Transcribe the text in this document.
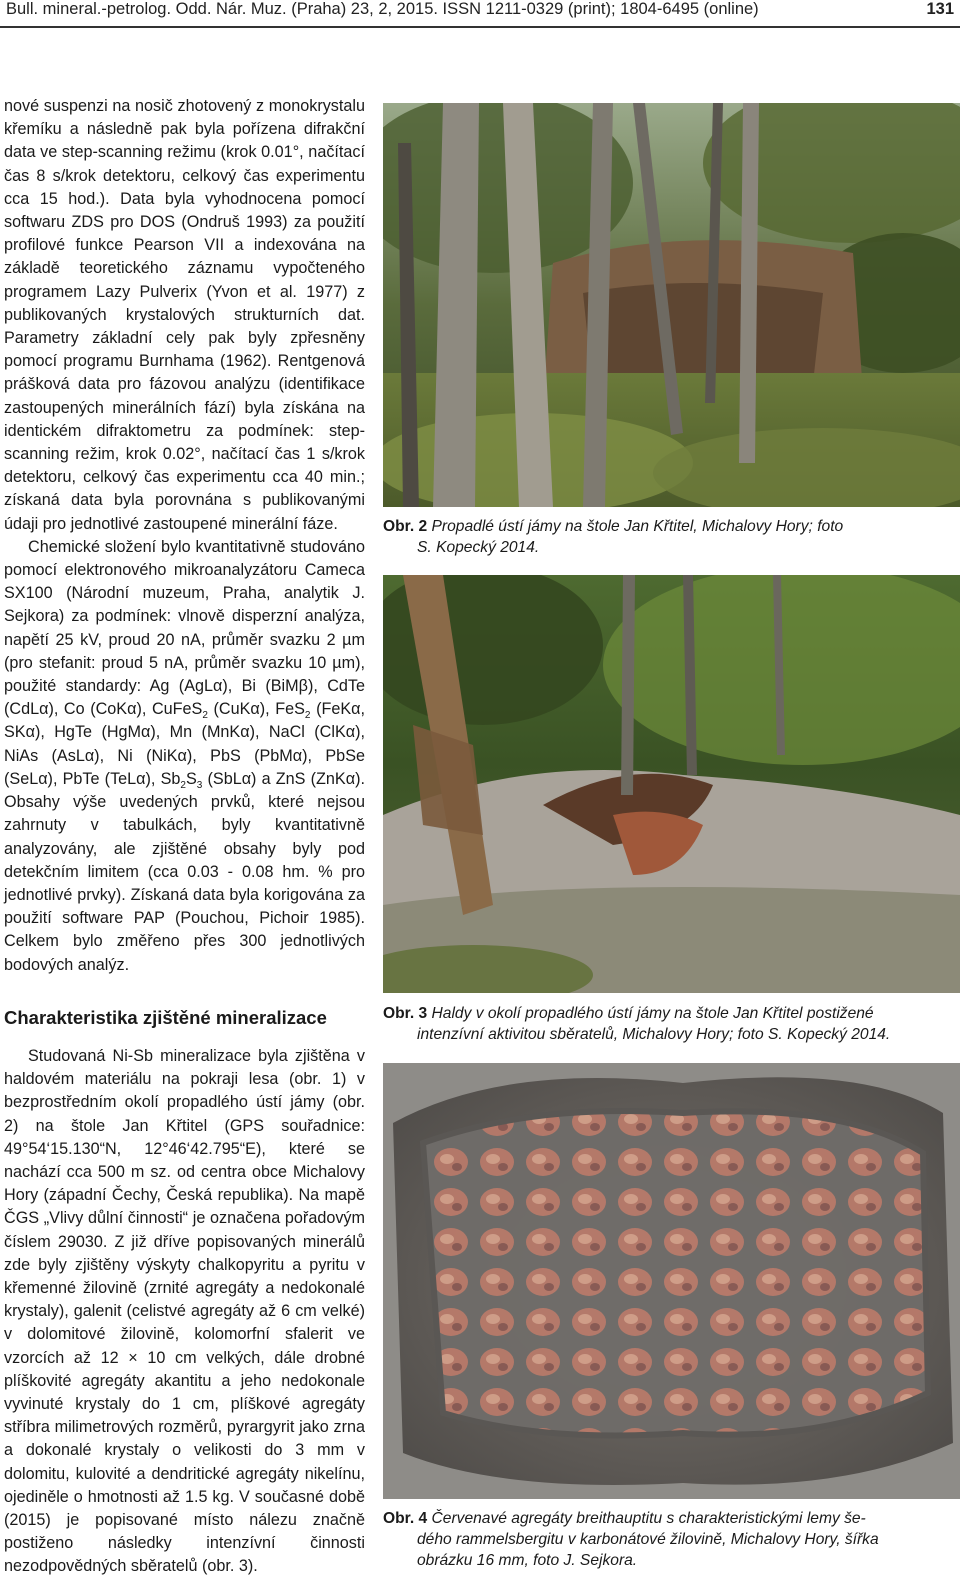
Bull. mineral.-petrolog. Odd. Nár. Muz. (Praha) 23, 2, 2015. ISSN 1211-0329 (print); 1804-6495 (online)	131

nové suspenzi na nosič zhotovený z monokrystalu křemíku a následně pak byla pořízena difrakční data ve step-scanning režimu (krok 0.01°, načítací čas 8 s/krok detektoru, celkový čas experimentu cca 15 hod.). Data byla vyhodnocena pomocí softwaru ZDS pro DOS (Ondruš 1993) za použití profilové funkce Pearson VII a indexována na základě teoretického záznamu vypočteného programem Lazy Pulverix (Yvon et al. 1977) z publikovaných krystalových strukturních dat. Parametry základní cely pak byly zpřesněny pomocí programu Burnhama (1962). Rentgenová prášková data pro fázovou analýzu (identifikace zastoupených minerálních fází) byla získána na identickém difraktometru za podmínek: step-scanning režim, krok 0.02°, načítací čas 1 s/krok detektoru, celkový čas experimentu cca 40 min.; získaná data byla porovnána s publikovanými údaji pro jednotlivé zastoupené minerální fáze.

Chemické složení bylo kvantitativně studováno pomocí elektronového mikroanalyzátoru Cameca SX100 (Národní muzeum, Praha, analytik J. Sejkora) za podmínek: vlnově disperzní analýza, napětí 25 kV, proud 20 nA, průměr svazku 2 µm (pro stefanit: proud 5 nA, průměr svazku 10 µm), použité standardy: Ag (AgLα), Bi (BiMβ), CdTe (CdLα), Co (CoKα), CuFeS$_2$ (CuKα), FeS$_2$ (FeKα, SKα), HgTe (HgMα), Mn (MnKα), NaCl (ClKα), NiAs (AsLα), Ni (NiKα), PbS (PbMα), PbSe (SeLα), PbTe (TeLα), $Sb_2S_3$ (SbLα) a ZnS (ZnKα). Obsahy výše uvedených prvků, které nejsou zahrnuty v tabulkách, byly kvantitativně analyzovány, ale zjištěné obsahy byly pod detekčním limitem (cca 0.03 - 0.08 hm. % pro jednotlivé prvky). Získaná data byla korigována za použití software PAP (Pouchou, Pichoir 1985). Celkem bylo změřeno přes 300 jednotlivých bodových analýz.

Charakteristika zjištěné mineralizace

Studovaná Ni-Sb mineralizace byla zjištěna v haldovém materiálu na pokraji lesa (obr. 1) v bezprostředním okolí propadlého ústí jámy (obr. 2) na štole Jan Křtitel (GPS souřadnice: 49°54‘15.130“N, 12°46‘42.795“E), které se nachází cca 500 m sz. od centra obce Michalovy Hory (západní Čechy, Česká republika). Na mapě ČGS „Vlivy důlní činnosti“ je označena pořadovým číslem 29030. Z již dříve popisovaných minerálů zde byly zjištěny výskyty chalkopyritu a pyritu v křemenné žilovině (zrnité agregáty a nedokonalé krystaly), galenit (celistvé agregáty až 6 cm velké) v dolomitové žilovině, kolomorfní sfalerit ve vzorcích až 12 × 10 cm velkých, dále drobné plíškovité agregáty akantitu a jeho nedokonale vyvinuté krystaly do 1 cm, plíškové agregáty stříbra milimetrových rozměrů, pyrargyrit jako zrna a dokonalé krystaly o velikosti do 3 mm v dolomitu, kulovité a dendritické agregáty nikelínu, ojediněle o hmotnosti až 1.5 kg. V současné době (2015) je popisované místo nálezu značně postiženo následky intenzívní činnosti nezodpovědných sběratelů (obr. 3).

Obr. 2 Propadlé ústí jámy na štole Jan Křtitel, Michalovy Hory; foto
S. Kopecký 2014.
Obr. 3 Haldy v okolí propadlého ústí jámy na štole Jan Křtitel postižené
intenzívní aktivitou sběratelů, Michalovy Hory; foto S. Kopecký 2014.
Obr. 4 Červenavé agregáty breithauptitu s charakteristickými lemy še-
dého rammelsbergitu v karbonátové žilovině, Michalovy Hory, šířka
obrázku 16 mm, foto J. Sejkora.
